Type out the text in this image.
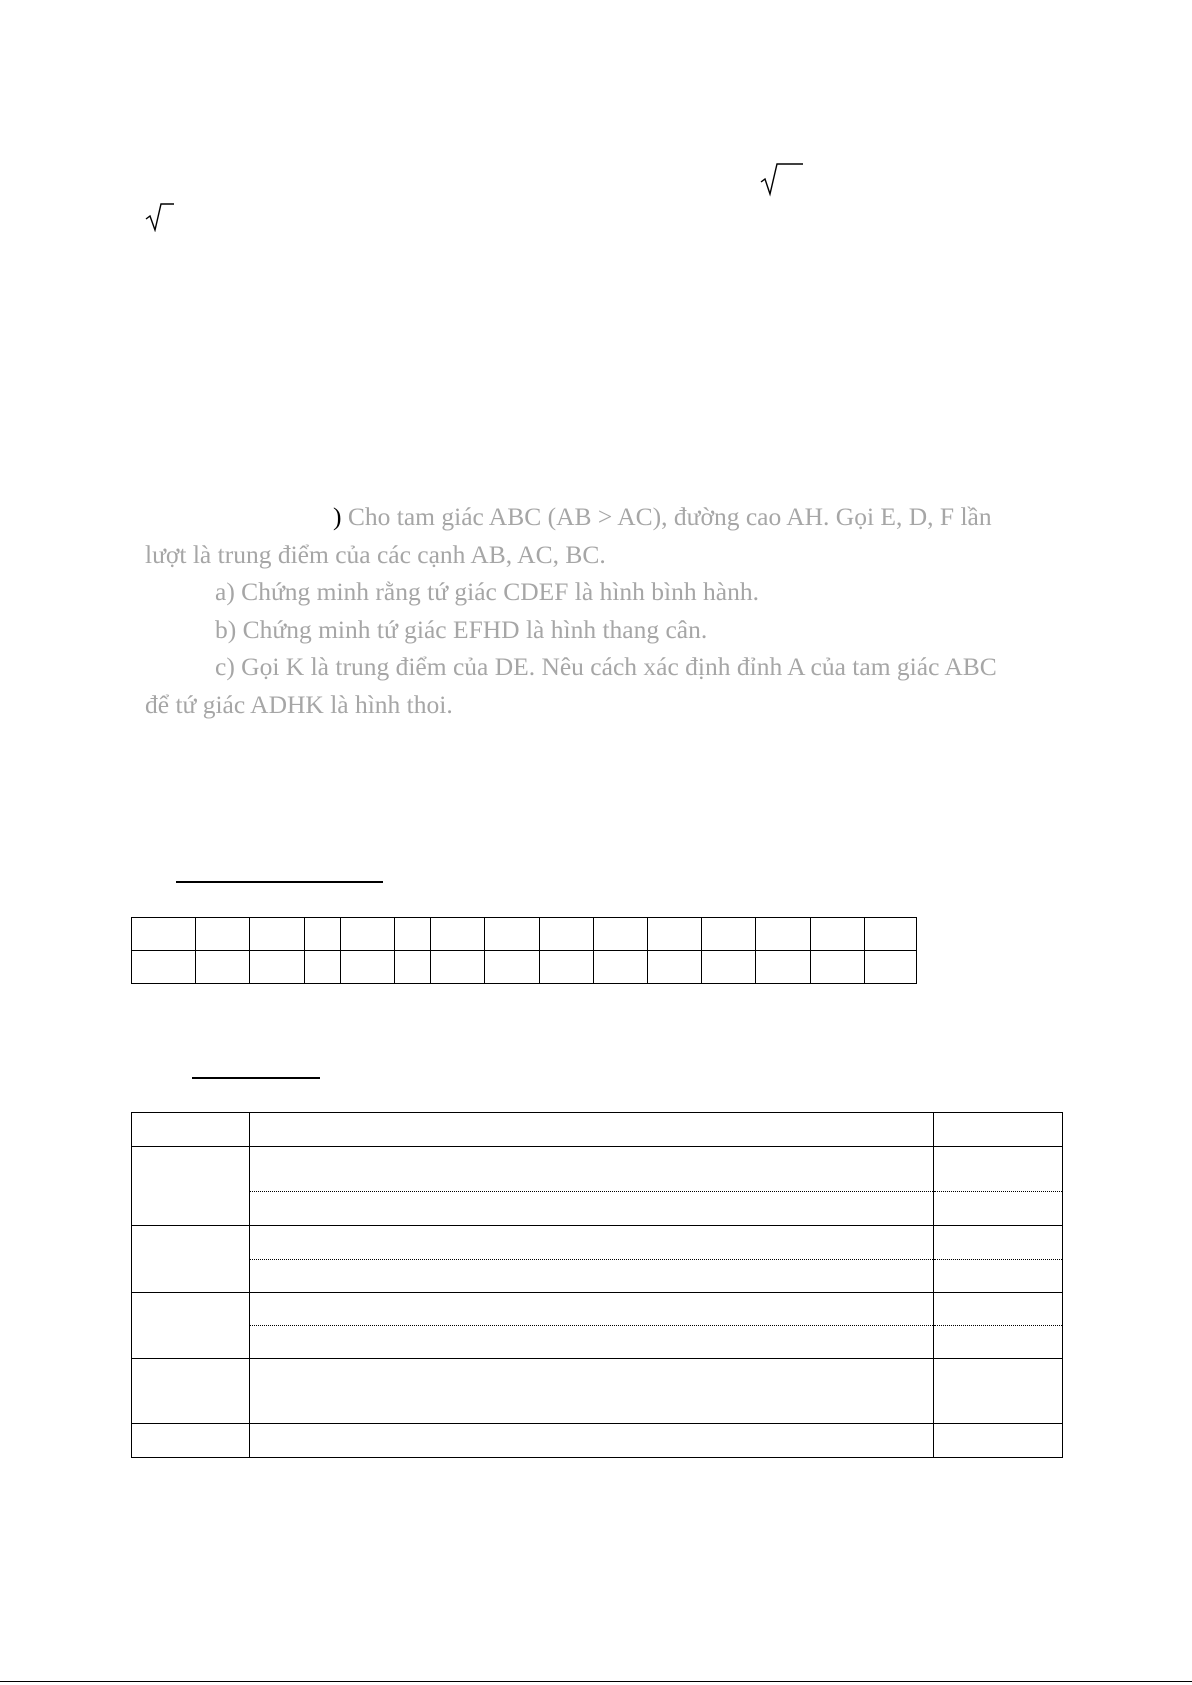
) Cho tam giác ABC (AB > AC), đường cao AH. Gọi E, D, F lần

lượt là trung điểm của các cạnh AB, AC, BC.

a) Chứng minh rằng tứ giác CDEF là hình bình hành.

b) Chứng minh tứ giác EFHD là hình thang cân.

c) Gọi K là trung điểm của DE. Nêu cách xác định đỉnh A của tam giác ABC

để tứ giác ADHK là hình thoi.
